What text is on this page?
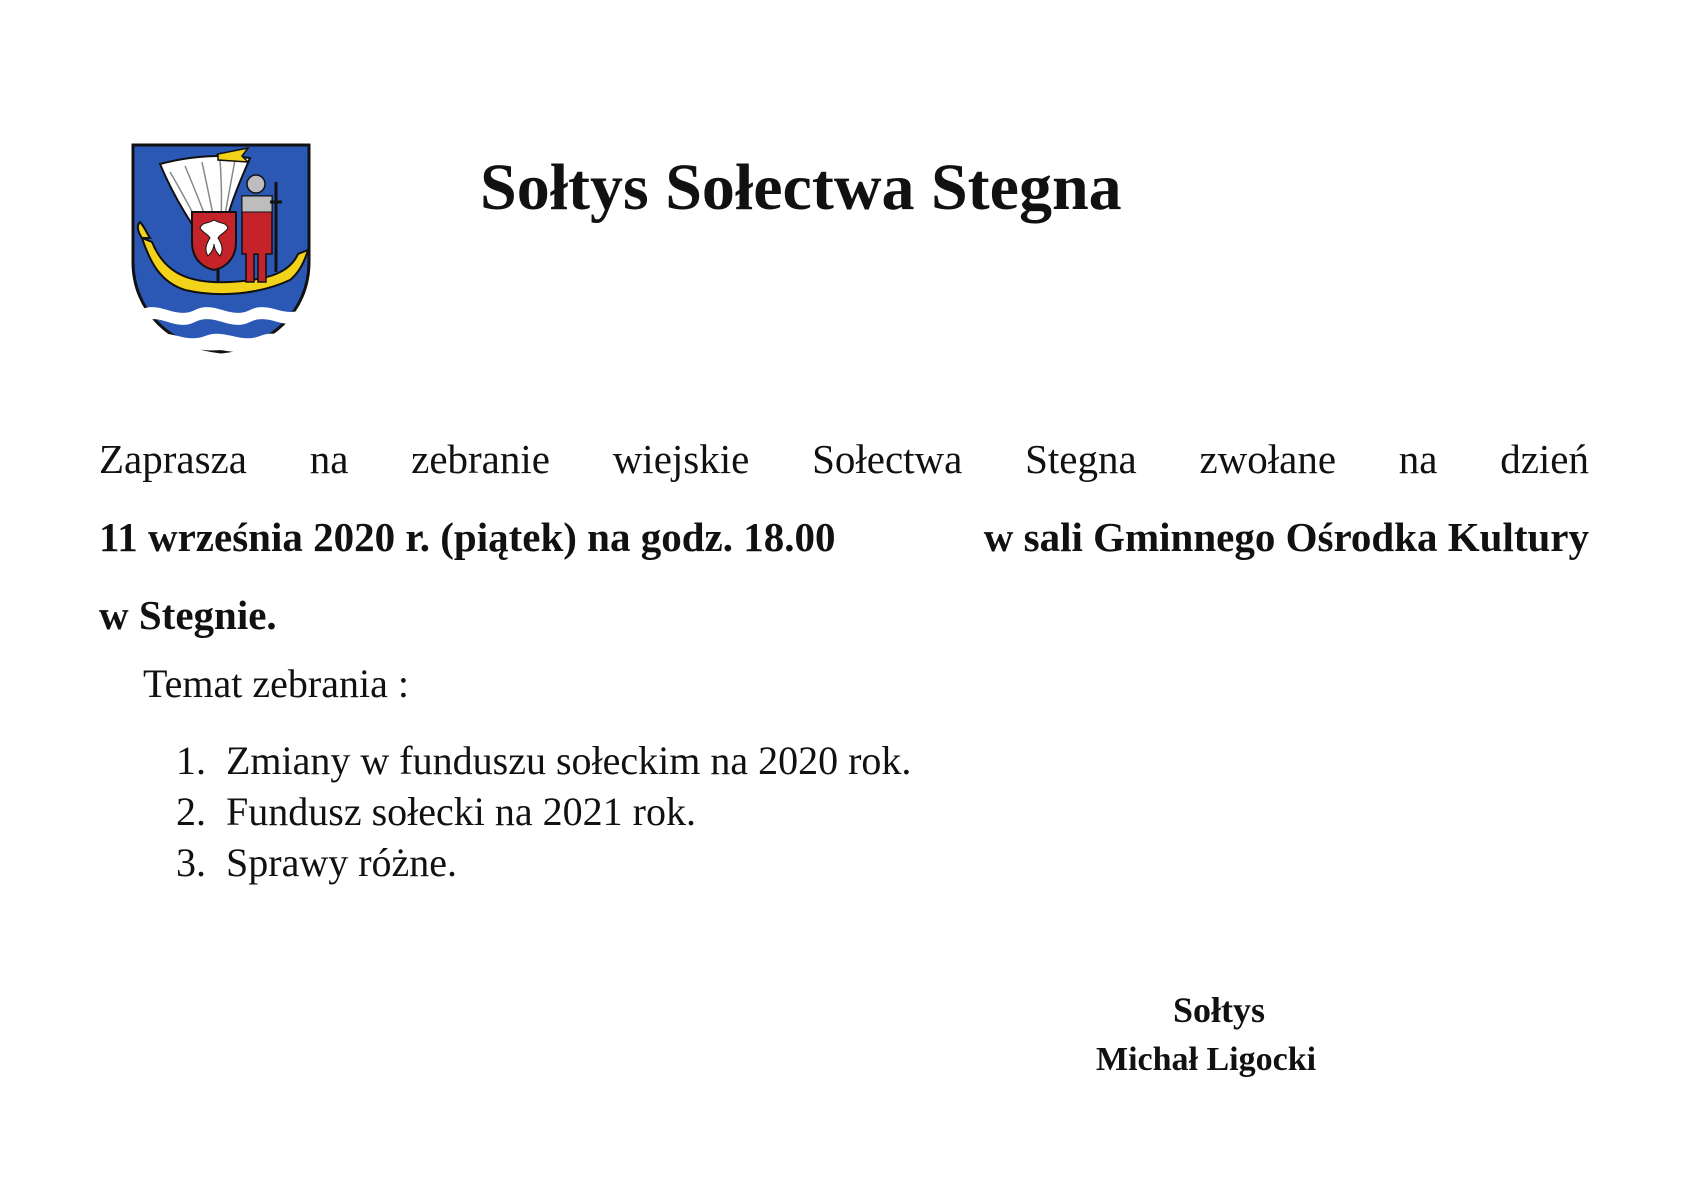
Sołtys Sołectwa Stegna
Zaprasza na zebranie wiejskie Sołectwa Stegna zwołane na dzień
11 września 2020 r. (piątek) na godz. 18.00	w sali Gminnego Ośrodka Kultury
w Stegnie.
Temat zebrania :
1. Zmiany w funduszu sołeckim na 2020 rok.
2. Fundusz sołecki na 2021 rok.
3. Sprawy różne.
Sołtys
Michał Ligocki
